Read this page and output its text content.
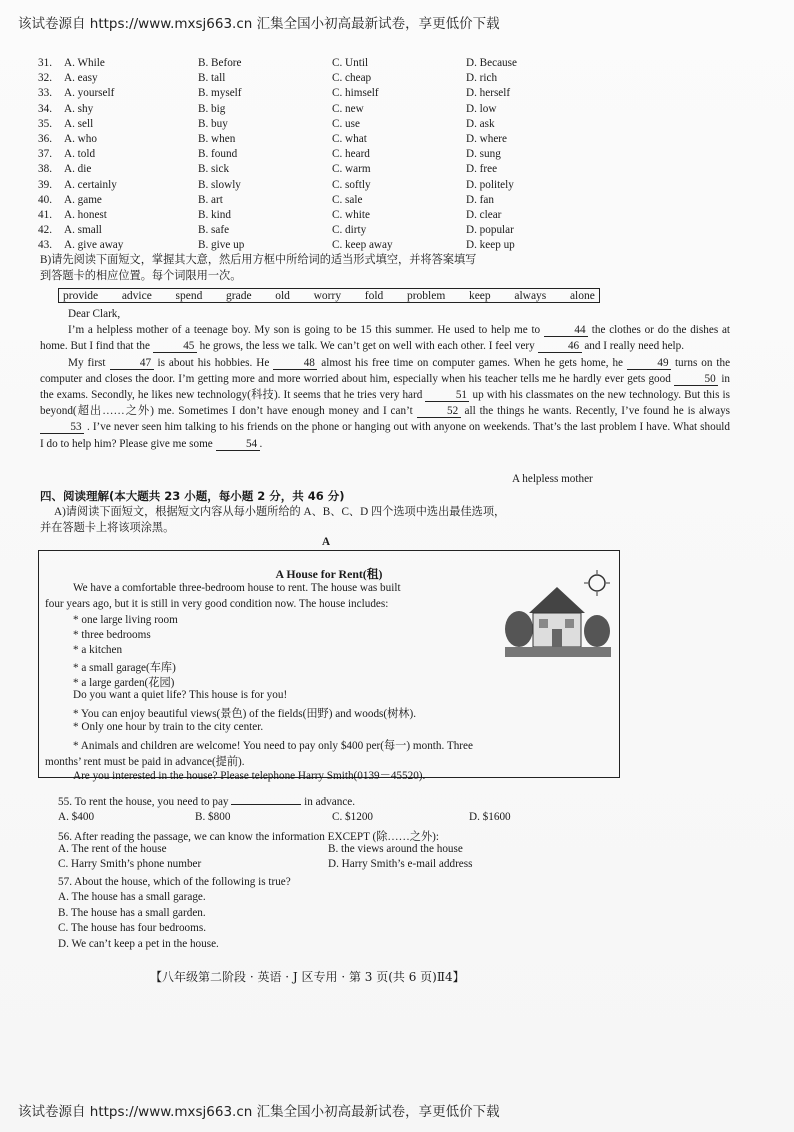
该试卷源自 https://www.mxsj663.cn 汇集全国小初高最新试卷，享更低价下载
31.	A. While	B. Before	C. Until	D. Because
32.	A. easy	B. tall	C. cheap	D. rich
33.	A. yourself	B. myself	C. himself	D. herself
34.	A. shy	B. big	C. new	D. low
35.	A. sell	B. buy	C. use	D. ask
36.	A. who	B. when	C. what	D. where
37.	A. told	B. found	C. heard	D. sung
38.	A. die	B. sick	C. warm	D. free
39.	A. certainly	B. slowly	C. softly	D. politely
40.	A. game	B. art	C. sale	D. fan
41.	A. honest	B. kind	C. white	D. clear
42.	A. small	B. safe	C. dirty	D. popular
43.	A. give away	B. give up	C. keep away	D. keep up
B)请先阅读下面短文，掌握其大意，然后用方框中所给词的适当形式填空，并将答案填写
到答题卡的相应位置。每个词限用一次。
provide advice spend grade old worry fold problem keep always alone

Dear Clark,

I’m a helpless mother of a teenage boy. My son is going to be 15 this summer. He used to help me to	44 the clothes or do the dishes at home. But I find that the	45 he grows, the less we talk. We can’t get on well with each other. I feel very	46 and I really need help.

My first	47 is about his hobbies. He	48 almost his free time on computer games. When he gets home, he	49 turns on the computer and closes the door. I’m getting more and more worried about him, especially when his teacher tells me he hardly ever gets good	50 in the exams. Secondly, he likes new technology(科技). It seems that he tries very hard	51 up with his classmates on the new technology. But this is beyond(超出……之外) me. Sometimes I don’t have enough money and I can’t	52 all the things he wants. Recently, I’ve found he is always 53 . I’ve never seen him talking to his friends on the phone or hanging out with anyone on weekends. That’s the last problem I have. What should I do to help him? Please give me some	54 .

A helpless mother
四、阅读理解(本大题共 23 小题，每小题 2 分，共 46 分)
A)请阅读下面短文，根据短文内容从每小题所给的 A、B、C、D 四个选项中选出最佳选项，
并在答题卡上将该项涂黑。
A
A House for Rent(租)
We have a comfortable three-bedroom house to rent. The house was built
four years ago, but it is still in very good condition now. The house includes:
* one large living room
* three bedrooms
* a kitchen
* a small garage(车库)
* a large garden(花园)
Do you want a quiet life? This house is for you!
* You can enjoy beautiful views(景色) of the fields(田野) and woods(树林).
* Only one hour by train to the city center.
* Animals and children are welcome! You need to pay only $400 per(每一) month. Three
months’ rent must be paid in advance(提前).
Are you interested in the house? Please telephone Harry Smith(0139－45520).
55. To rent the house, you need to pay	in advance.
A. $400	B. $800	C. $1200	D. $1600
56. After reading the passage, we can know the information EXCEPT (除……之外):
A. The rent of the house	B. the views around the house
C. Harry Smith’s phone number	D. Harry Smith’s e-mail address
57. About the house, which of the following is true?
A. The house has a small garage.
B. The house has a small garden.
C. The house has four bedrooms.
D. We can’t keep a pet in the house.
【八年级第二阶段 · 英语 · J 区专用 · 第 3 页(共 6 页)Ⅱ4】
该试卷源自 https://www.mxsj663.cn 汇集全国小初高最新试卷，享更低价下载
